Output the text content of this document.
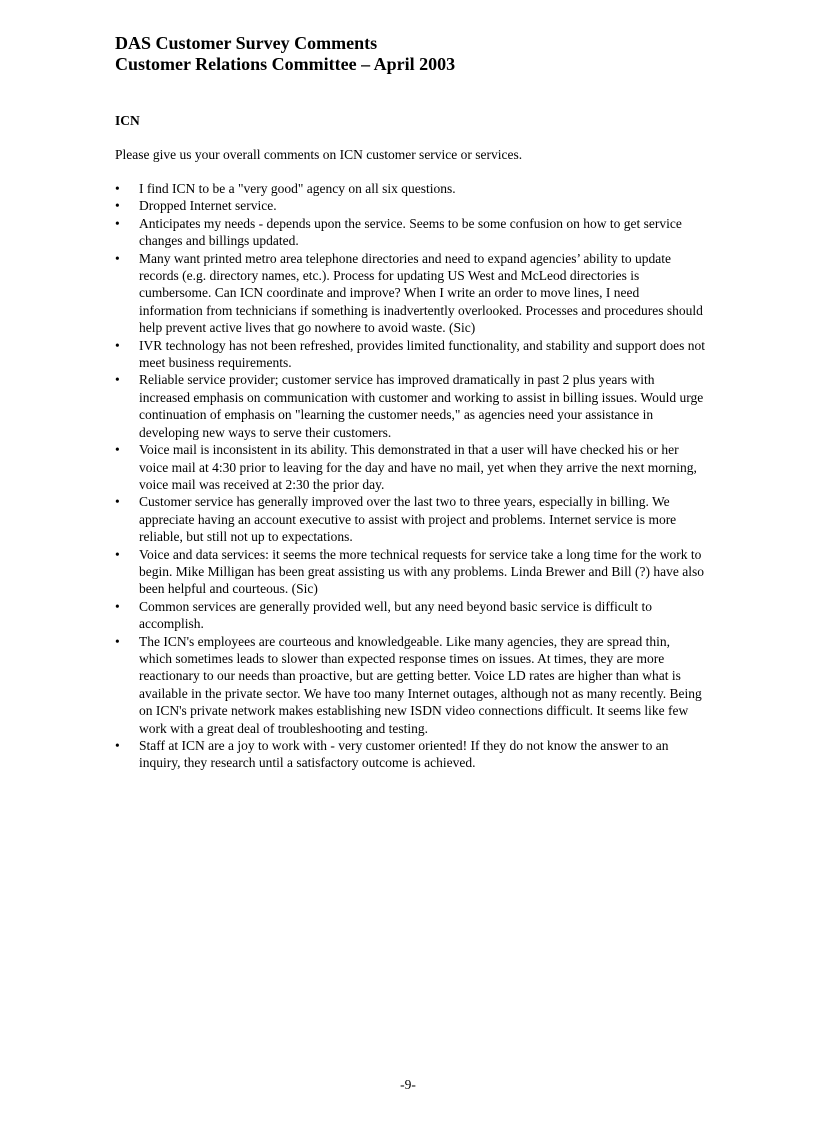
DAS Customer Survey Comments
Customer Relations Committee – April 2003
ICN
Please give us your overall comments on ICN customer service or services.
•	I find ICN to be a "very good" agency on all six questions.
•	Dropped Internet service.
•	Anticipates my needs - depends upon the service. Seems to be some confusion on how to get service changes and billings updated.
•	Many want printed metro area telephone directories and need to expand agencies’ ability to update records (e.g. directory names, etc.). Process for updating US West and McLeod directories is cumbersome. Can ICN coordinate and improve? When I write an order to move lines, I need information from technicians if something is inadvertently overlooked. Processes and procedures should help prevent active lives that go nowhere to avoid waste. (Sic)
•	IVR technology has not been refreshed, provides limited functionality, and stability and support does not meet business requirements.
•	Reliable service provider; customer service has improved dramatically in past 2 plus years with increased emphasis on communication with customer and working to assist in billing issues. Would urge continuation of emphasis on "learning the customer needs," as agencies need your assistance in developing new ways to serve their customers.
•	Voice mail is inconsistent in its ability. This demonstrated in that a user will have checked his or her voice mail at 4:30 prior to leaving for the day and have no mail, yet when they arrive the next morning, voice mail was received at 2:30 the prior day.
•	Customer service has generally improved over the last two to three years, especially in billing. We appreciate having an account executive to assist with project and problems. Internet service is more reliable, but still not up to expectations.
•	Voice and data services: it seems the more technical requests for service take a long time for the work to begin. Mike Milligan has been great assisting us with any problems. Linda Brewer and Bill (?) have also been helpful and courteous. (Sic)
•	Common services are generally provided well, but any need beyond basic service is difficult to accomplish.
•	The ICN's employees are courteous and knowledgeable. Like many agencies, they are spread thin, which sometimes leads to slower than expected response times on issues. At times, they are more reactionary to our needs than proactive, but are getting better. Voice LD rates are higher than what is available in the private sector. We have too many Internet outages, although not as many recently. Being on ICN's private network makes establishing new ISDN video connections difficult. It seems like few work with a great deal of troubleshooting and testing.
•	Staff at ICN are a joy to work with - very customer oriented! If they do not know the answer to an inquiry, they research until a satisfactory outcome is achieved.
-9-
